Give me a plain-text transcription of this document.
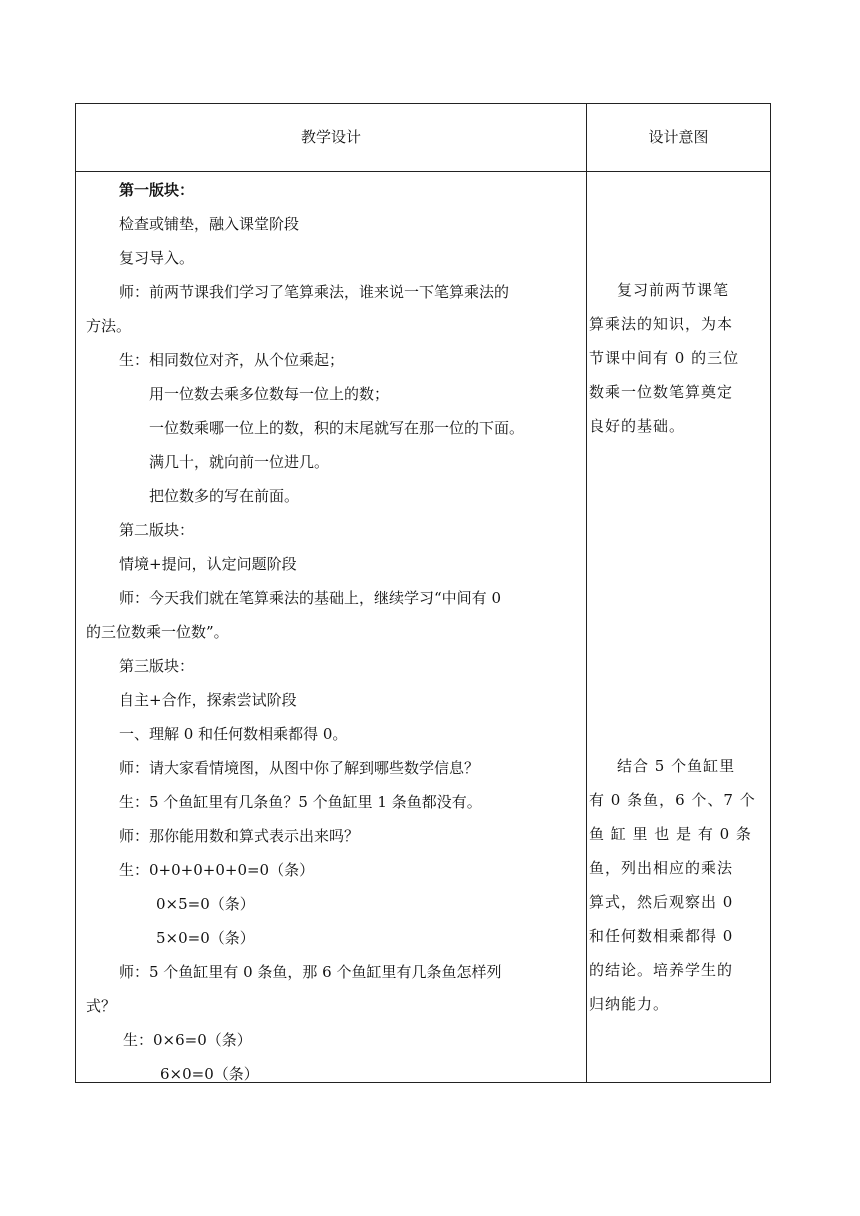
教学设计	设计意图
第一版块：
检查或铺垫，融入课堂阶段
复习导入。
师：前两节课我们学习了笔算乘法，谁来说一下笔算乘法的
方法。
生：相同数位对齐，从个位乘起；
用一位数去乘多位数每一位上的数；
一位数乘哪一位上的数，积的末尾就写在那一位的下面。
满几十，就向前一位进几。
把位数多的写在前面。
第二版块：
情境+提问，认定问题阶段
师：今天我们就在笔算乘法的基础上，继续学习“中间有 0
的三位数乘一位数”。
第三版块：
自主+合作，探索尝试阶段
一、理解 0 和任何数相乘都得 0。
师：请大家看情境图，从图中你了解到哪些数学信息？
生：5 个鱼缸里有几条鱼？5 个鱼缸里 1 条鱼都没有。
师：那你能用数和算式表示出来吗？
生：0+0+0+0+0=0（条）
0×5=0（条）
5×0=0（条）
师：5 个鱼缸里有 0 条鱼，那 6 个鱼缸里有几条鱼怎样列
式？
生：0×6=0（条）
6×0=0（条）
复习前两节课笔
算乘法的知识，为本
节课中间有 0 的三位
数乘一位数笔算奠定
良好的基础。
结合 5 个鱼缸里
有 0 条鱼，6 个、7 个
鱼 缸 里 也 是 有 0 条
鱼，列出相应的乘法
算式，然后观察出 0
和任何数相乘都得 0
的结论。培养学生的
归纳能力。
